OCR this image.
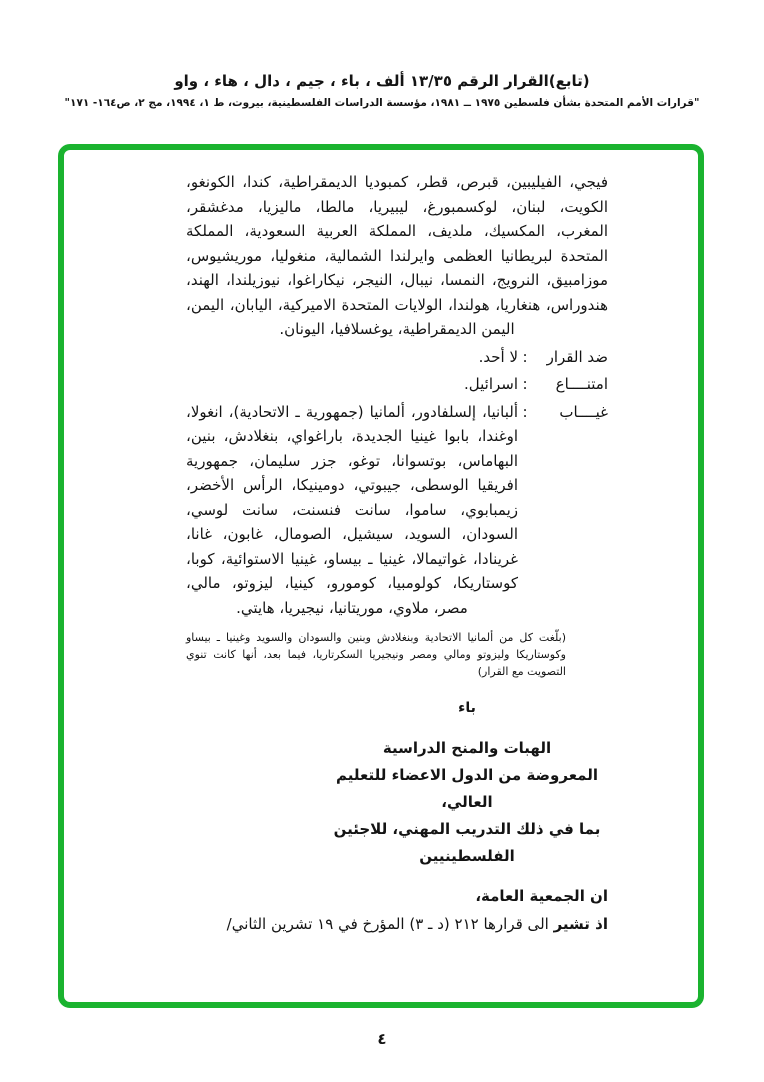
(تابع)القرار الرقم ١٣/٣٥ ألف ، باء ، جيم ، دال ، هاء ، واو
"قرارات الأمم المتحدة بشأن فلسطين ١٩٧٥ ــ ١٩٨١، مؤسسة الدراسات الفلسطينية، بيروت، ط ١، ١٩٩٤، مج ٢، ص١٦٤- ١٧١"

فيجي، الفيليبين، قبرص، قطر، كمبوديا الديمقراطية، كندا، الكونغو، الكويت، لبنان، لوكسمبورغ، ليبيريا، مالطا، ماليزيا، مدغشقر، المغرب، المكسيك، ملديف، المملكة العربية السعودية، المملكة المتحدة لبريطانيا العظمى وايرلندا الشمالية، منغوليا، موريشيوس، موزامبيق، النرويج، النمسا، نيبال، النيجر، نيكاراغوا، نيوزيلندا، الهند، هندوراس، هنغاريا، هولندا، الولايات المتحدة الاميركية، اليابان، اليمن، اليمن الديمقراطية، يوغسلافيا، اليونان.

ضد القرار
:
لا أحد.
امتنــــاع
:
اسرائيل.
غيــــاب
:
ألبانيا، إلسلفادور، ألمانيا (جمهورية ـ الاتحادية)، انغولا، اوغندا، بابوا غينيا الجديدة، باراغواي، بنغلادش، بنين، البهاماس، بوتسوانا، توغو، جزر سليمان، جمهورية افريقيا الوسطى، جيبوتي، دومينيكا، الرأس الأخضر، زيمبابوي، ساموا، سانت فنسنت، سانت لوسي، السودان، السويد، سيشيل، الصومال، غابون، غانا، غرينادا، غواتيمالا، غينيا ـ بيساو، غينيا الاستوائية، كوبا، كوستاريكا، كولومبيا، كومورو، كينيا، ليزوتو، مالي، مصر، ملاوي، موريتانيا، نيجيريا، هايتي.

(بلّغت كل من ألمانيا الاتحادية وبنغلادش وبنين والسودان والسويد وغينيا ـ بيساو وكوستاريكا وليزوتو ومالي ومصر ونيجيريا السكرتاريا، فيما بعد، أنها كانت تنوي التصويت مع القرار)

باء
الهبات والمنح الدراسية
المعروضة من الدول الاعضاء للتعليم العالي،
بما في ذلك التدريب المهني، للاجئين الفلسطينيين

ان الجمعية العامة،

اذ تشير الى قرارها ٢١٢ (د ـ ٣) المؤرخ في ١٩ تشرين الثاني/

٤
